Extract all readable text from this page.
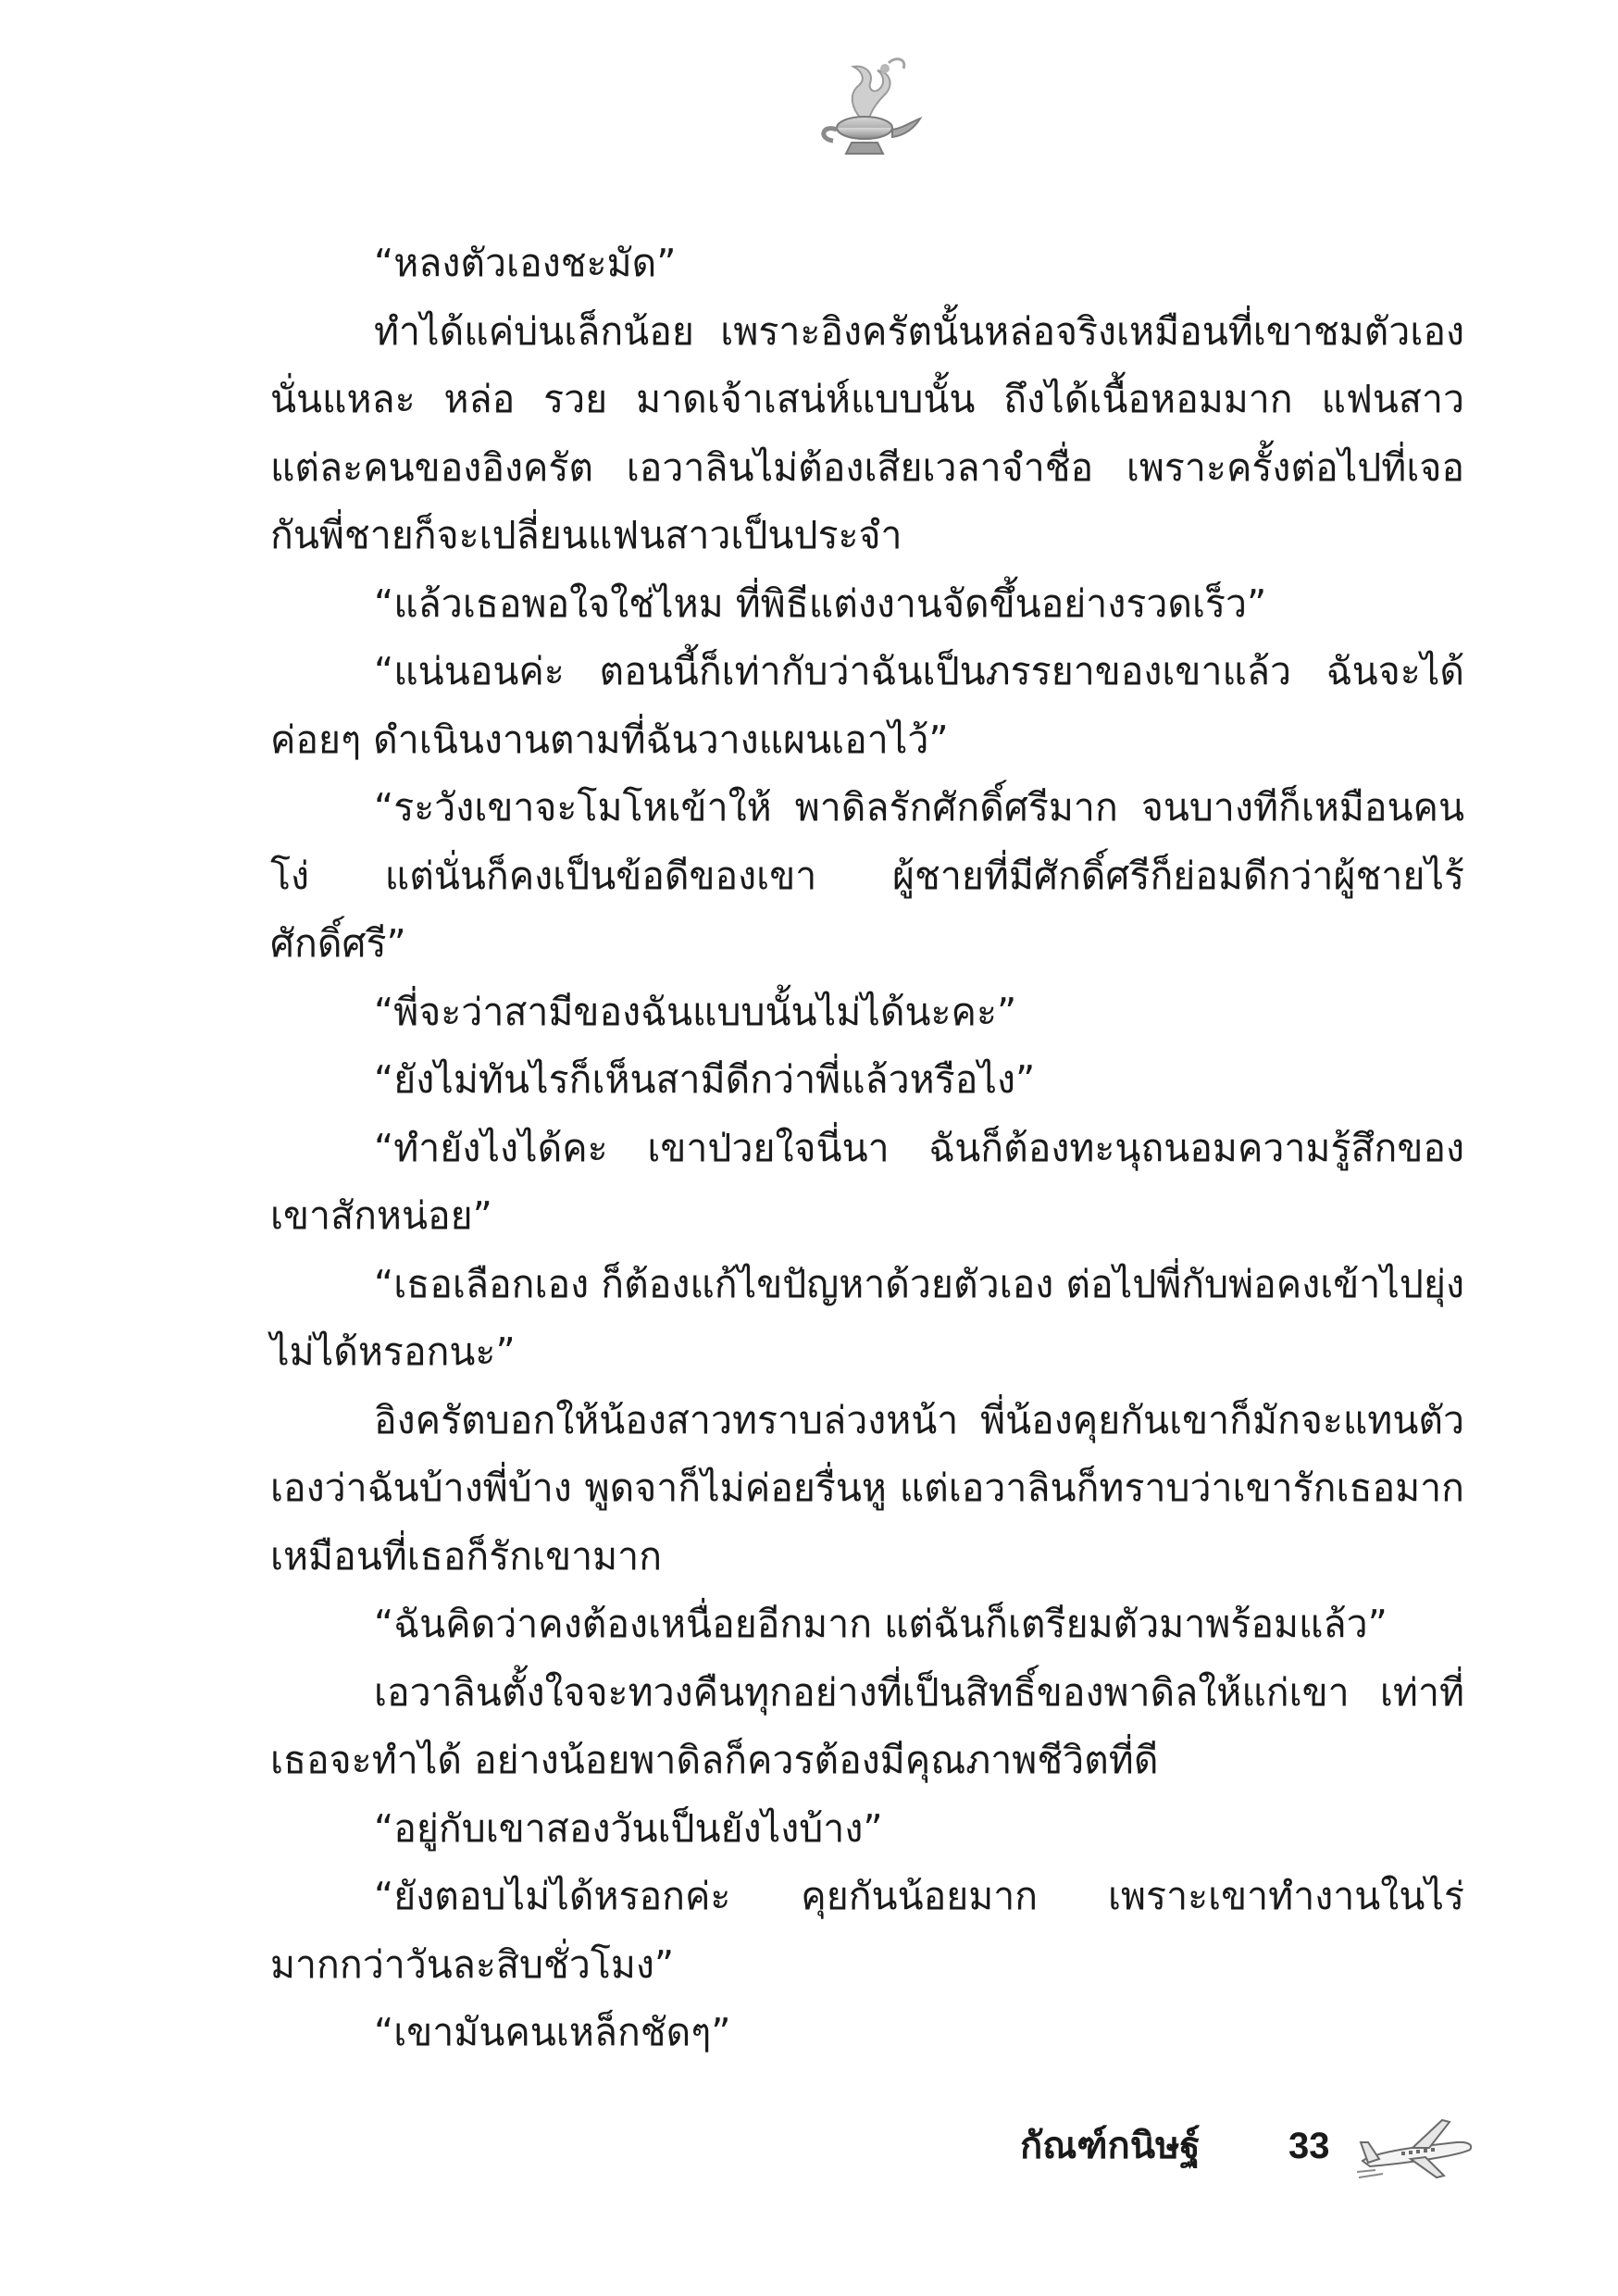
“หลงตัวเองชะมัด”

ทำได้แค่บ่นเล็กน้อย เพราะอิงครัตนั้นหล่อจริงเหมือนที่เขาชมตัวเอง นั่นแหละ หล่อ รวย มาดเจ้าเสน่ห์แบบนั้น ถึงได้เนื้อหอมมาก แฟนสาวแต่ละคนของอิงครัต เอวาลินไม่ต้องเสียเวลาจำชื่อ เพราะครั้งต่อไปที่เจอกันพี่ชายก็จะเปลี่ยนแฟนสาวเป็นประจำ

“แล้วเธอพอใจใช่ไหม ที่พิธีแต่งงานจัดขึ้นอย่างรวดเร็ว”

“แน่นอนค่ะ ตอนนี้ก็เท่ากับว่าฉันเป็นภรรยาของเขาแล้ว ฉันจะได้ค่อยๆ ดำเนินงานตามที่ฉันวางแผนเอาไว้”

“ระวังเขาจะโมโหเข้าให้ พาดิลรักศักดิ์ศรีมาก จนบางทีก็เหมือนคนโง่ แต่นั่นก็คงเป็นข้อดีของเขา ผู้ชายที่มีศักดิ์ศรีก็ย่อมดีกว่าผู้ชายไร้ศักดิ์ศรี”

“พี่จะว่าสามีของฉันแบบนั้นไม่ได้นะคะ”

“ยังไม่ทันไรก็เห็นสามีดีกว่าพี่แล้วหรือไง”

“ทำยังไงได้คะ เขาป่วยใจนี่นา ฉันก็ต้องทะนุถนอมความรู้สึกของเขาสักหน่อย”

“เธอเลือกเอง ก็ต้องแก้ไขปัญหาด้วยตัวเอง ต่อไปพี่กับพ่อคงเข้าไปยุ่งไม่ได้หรอกนะ”

อิงครัตบอกให้น้องสาวทราบล่วงหน้า พี่น้องคุยกันเขาก็มักจะแทนตัวเองว่าฉันบ้างพี่บ้าง พูดจาก็ไม่ค่อยรื่นหู แต่เอวาลินก็ทราบว่าเขารักเธอมาก เหมือนที่เธอก็รักเขามาก

“ฉันคิดว่าคงต้องเหนื่อยอีกมาก แต่ฉันก็เตรียมตัวมาพร้อมแล้ว”

เอวาลินตั้งใจจะทวงคืนทุกอย่างที่เป็นสิทธิ์ของพาดิลให้แก่เขา เท่าที่เธอจะทำได้ อย่างน้อยพาดิลก็ควรต้องมีคุณภาพชีวิตที่ดี

“อยู่กับเขาสองวันเป็นยังไงบ้าง”

“ยังตอบไม่ได้หรอกค่ะ คุยกันน้อยมาก เพราะเขาทำงานในไร่มากกว่าวันละสิบชั่วโมง”

“เขามันคนเหล็กชัดๆ”

กัณฑ์กนิษฐ์ 33
